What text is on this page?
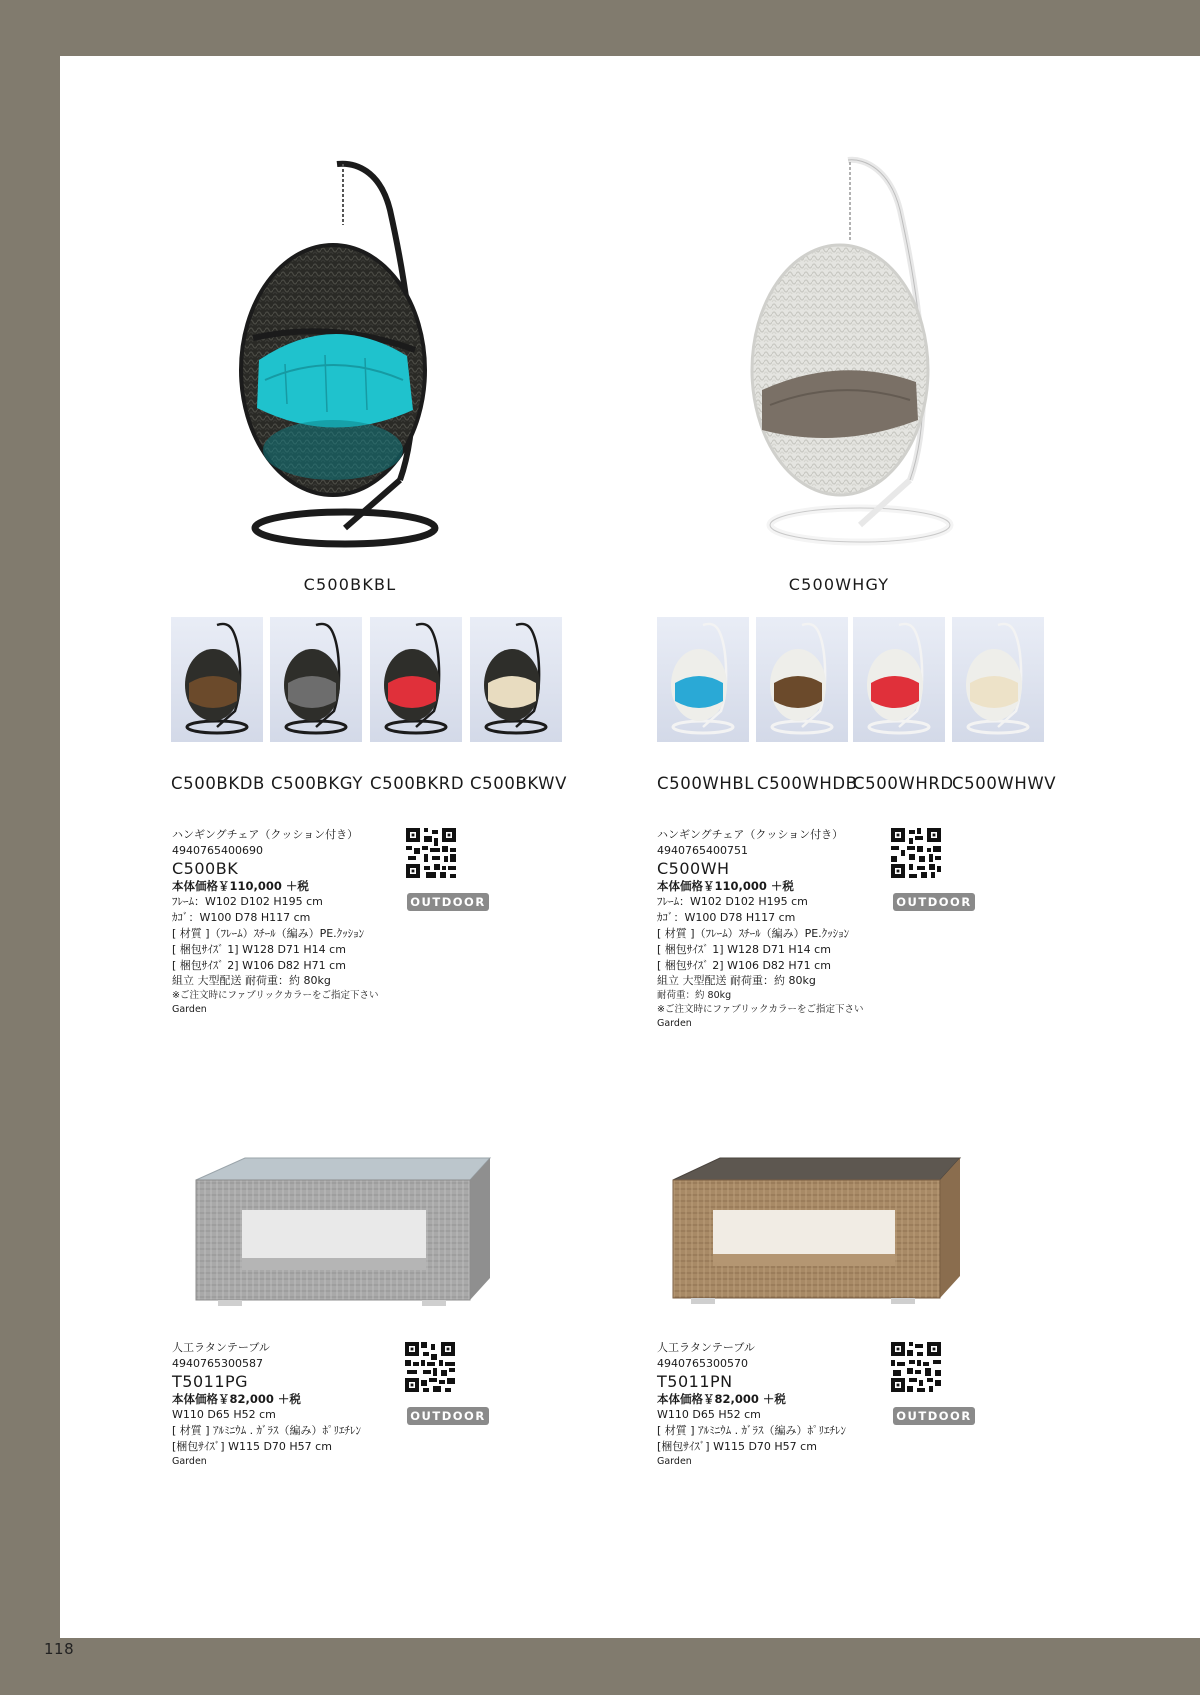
118
C500BKBL
C500BKDB C500BKGY C500BKRD C500BKWV
ハンギングチェア（クッション付き）
4940765400690
C500BK
本体価格￥110,000 ＋税
ﾌﾚｰﾑ：W102 D102 H195 cm
ｶｺﾞ：W100 D78 H117 cm
[ 材質 ]（ﾌﾚｰﾑ）ｽﾁｰﾙ（編み）PE.ｸｯｼｮﾝ
[ 梱包ｻｲｽﾞ 1] W128 D71 H14 cm
[ 梱包ｻｲｽﾞ 2] W106 D82 H71 cm
組立 大型配送 耐荷重：約 80kg
※ご注文時にファブリックカラーをご指定下さい
Garden
OUTDOOR
C500WHGY
C500WHBL C500WHDB
C500WHRD
C500WHWV
ハンギングチェア（クッション付き）
4940765400751
C500WH
本体価格￥110,000 ＋税
ﾌﾚｰﾑ：W102 D102 H195 cm
ｶｺﾞ：W100 D78 H117 cm
[ 材質 ]（ﾌﾚｰﾑ）ｽﾁｰﾙ（編み）PE.ｸｯｼｮﾝ
[ 梱包ｻｲｽﾞ 1] W128 D71 H14 cm
[ 梱包ｻｲｽﾞ 2] W106 D82 H71 cm
組立 大型配送 耐荷重：約 80kg
耐荷重：約 80kg
※ご注文時にファブリックカラーをご指定下さい
Garden
OUTDOOR
人工ラタンテーブル
4940765300587
T5011PG
本体価格￥82,000 ＋税
W110 D65 H52 cm
[ 材質 ] ｱﾙﾐﾆｳﾑ . ｶﾞﾗｽ（編み）ﾎﾟﾘｴﾁﾚﾝ
[梱包ｻｲｽﾞ] W115 D70 H57 cm
Garden
OUTDOOR
人工ラタンテーブル
4940765300570
T5011PN
本体価格￥82,000 ＋税
W110 D65 H52 cm
[ 材質 ] ｱﾙﾐﾆｳﾑ . ｶﾞﾗｽ（編み）ﾎﾟﾘｴﾁﾚﾝ
[梱包ｻｲｽﾞ] W115 D70 H57 cm
Garden
OUTDOOR
